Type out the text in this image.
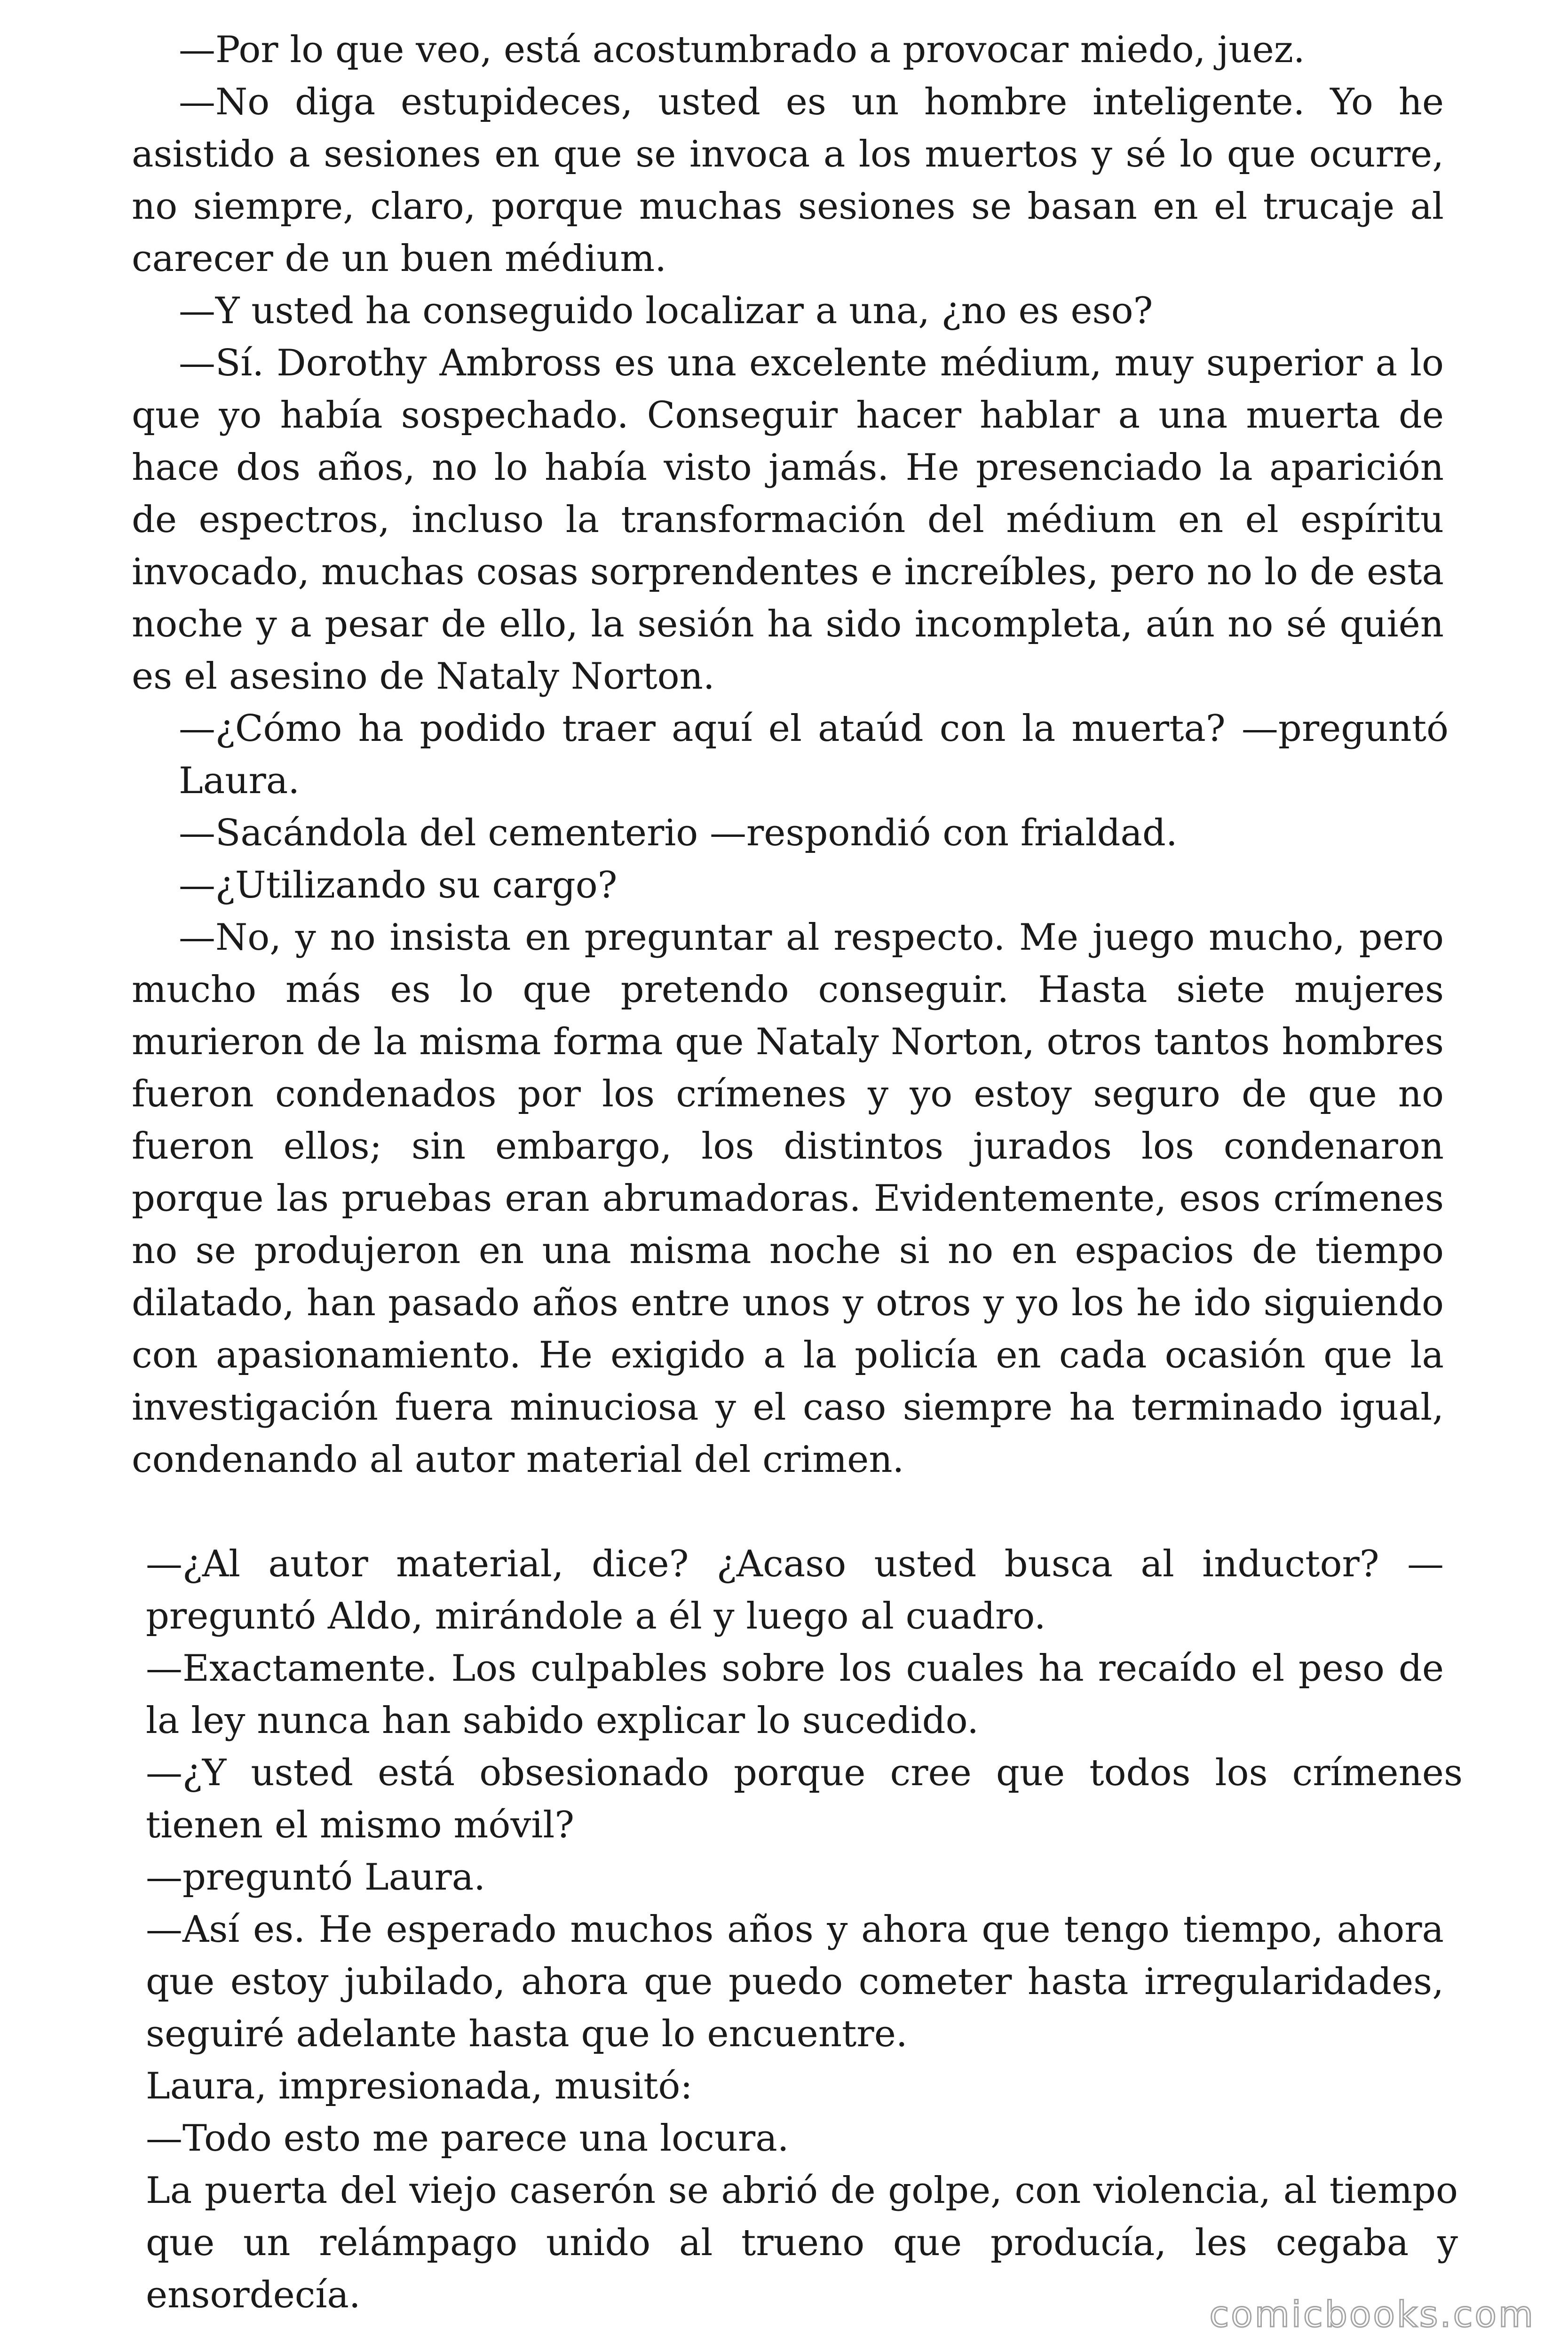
—Por lo que veo, está acostumbrado a provocar miedo, juez.

—No diga estupideces, usted es un hombre inteligente. Yo he asistido a sesiones en que se invoca a los muertos y sé lo que ocurre, no siempre, claro, porque muchas sesiones se basan en el trucaje al carecer de un buen médium.

—Y usted ha conseguido localizar a una, ¿no es eso?

—Sí. Dorothy Ambross es una excelente médium, muy superior a lo que yo había sospechado. Conseguir hacer hablar a una muerta de hace dos años, no lo había visto jamás. He presenciado la aparición de espectros, incluso la transformación del médium en el espíritu invocado, muchas cosas sorprendentes e increíbles, pero no lo de esta noche y a pesar de ello, la sesión ha sido incompleta, aún no sé quién es el asesino de Nataly Norton.

—¿Cómo ha podido traer aquí el ataúd con la muerta? —preguntó Laura.

—Sacándola del cementerio —respondió con frialdad.

—¿Utilizando su cargo?

—No, y no insista en preguntar al respecto. Me juego mucho, pero mucho más es lo que pretendo conseguir. Hasta siete mujeres murieron de la misma forma que Nataly Norton, otros tantos hombres fueron condenados por los crímenes y yo estoy seguro de que no fueron ellos; sin embargo, los distintos jurados los condenaron porque las pruebas eran abrumadoras. Evidentemente, esos crímenes no se produjeron en una misma noche si no en espacios de tiempo dilatado, han pasado años entre unos y otros y yo los he ido siguiendo con apasionamiento. He exigido a la policía en cada ocasión que la investigación fuera minuciosa y el caso siempre ha terminado igual, condenando al autor material del crimen.

—¿Al autor material, dice? ¿Acaso usted busca al inductor? —preguntó Aldo, mirándole a él y luego al cuadro.

—Exactamente. Los culpables sobre los cuales ha recaído el peso de la ley nunca han sabido explicar lo sucedido.

—¿Y usted está obsesionado porque cree que todos los crímenes tienen el mismo móvil?

—preguntó Laura.

—Así es. He esperado muchos años y ahora que tengo tiempo, ahora que estoy jubilado, ahora que puedo cometer hasta irregularidades, seguiré adelante hasta que lo encuentre.

Laura, impresionada, musitó:

—Todo esto me parece una locura.

La puerta del viejo caserón se abrió de golpe, con violencia, al tiempo que un relámpago unido al trueno que producía, les cegaba y ensordecía.	comicbooks.com
